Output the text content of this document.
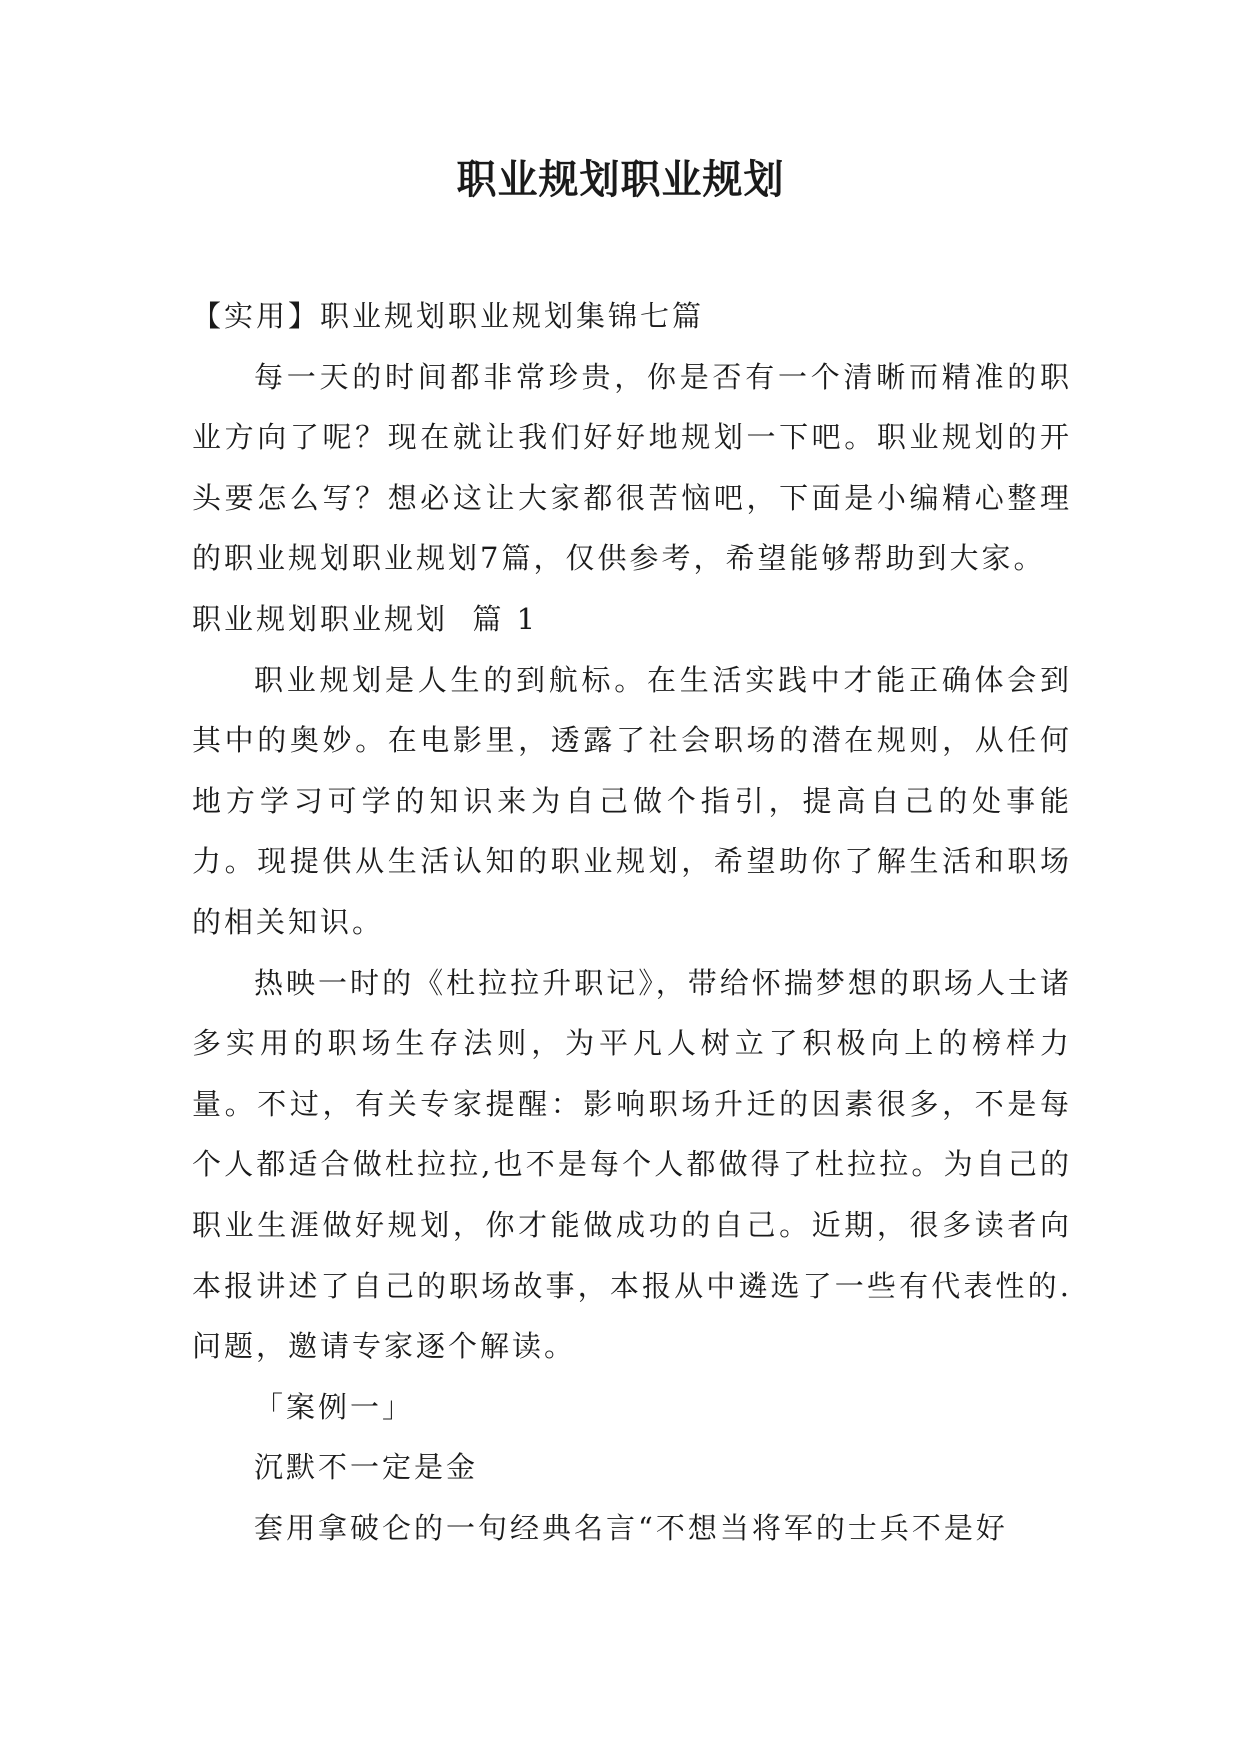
职业规划职业规划

【实用】职业规划职业规划集锦七篇

每一天的时间都非常珍贵，你是否有一个清晰而精准的职业方向了呢？现在就让我们好好地规划一下吧。职业规划的开头要怎么写？想必这让大家都很苦恼吧，下面是小编精心整理的职业规划职业规划7篇，仅供参考，希望能够帮助到大家。

职业规划职业规划  篇 1

职业规划是人生的到航标。在生活实践中才能正确体会到其中的奥妙。在电影里，透露了社会职场的潜在规则，从任何地方学习可学的知识来为自己做个指引，提高自己的处事能力。现提供从生活认知的职业规划，希望助你了解生活和职场的相关知识。

热映一时的《杜拉拉升职记》，带给怀揣梦想的职场人士诸多实用的职场生存法则，为平凡人树立了积极向上的榜样力量。不过，有关专家提醒：影响职场升迁的因素很多，不是每个人都适合做杜拉拉,也不是每个人都做得了杜拉拉。为自己的职业生涯做好规划，你才能做成功的自己。近期，很多读者向本报讲述了自己的职场故事，本报从中遴选了一些有代表性的.问题，邀请专家逐个解读。

「案例一」

沉默不一定是金

套用拿破仑的一句经典名言“不想当将军的士兵不是好
